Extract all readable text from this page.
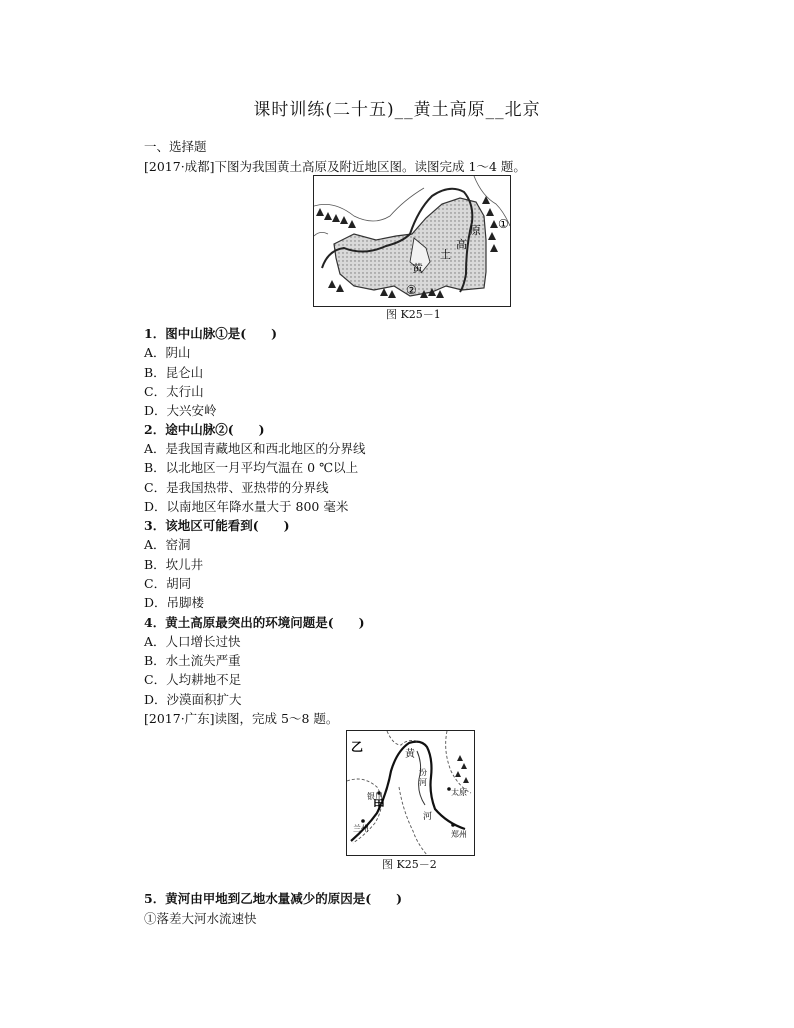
课时训练(二十五)__黄土高原__北京
一、选择题
[2017·成都]下图为我国黄土高原及附近地区图。读图完成 1～4 题。
土
黄
高
原 ①
②
图 K25－1
1．图中山脉①是(　　)
A．阴山
B．昆仑山
C．太行山
D．大兴安岭
2．途中山脉②(　　)
A．是我国青藏地区和西北地区的分界线
B．以北地区一月平均气温在 0 ℃以上
C．是我国热带、亚热带的分界线
D．以南地区年降水量大于 800 毫米
3．该地区可能看到(　　)
A．窑洞
B．坎儿井
C．胡同
D．吊脚楼
4．黄土高原最突出的环境问题是(　　)
A．人口增长过快
B．水土流失严重
C．人均耕地不足
D．沙漠面积扩大
[2017·广东]读图，完成 5～8 题。
乙
黄
甲
银川
兰州
河
太原
郑州
汾
河
图 K25－2
5．黄河由甲地到乙地水量减少的原因是(　　)
①落差大河水流速快
